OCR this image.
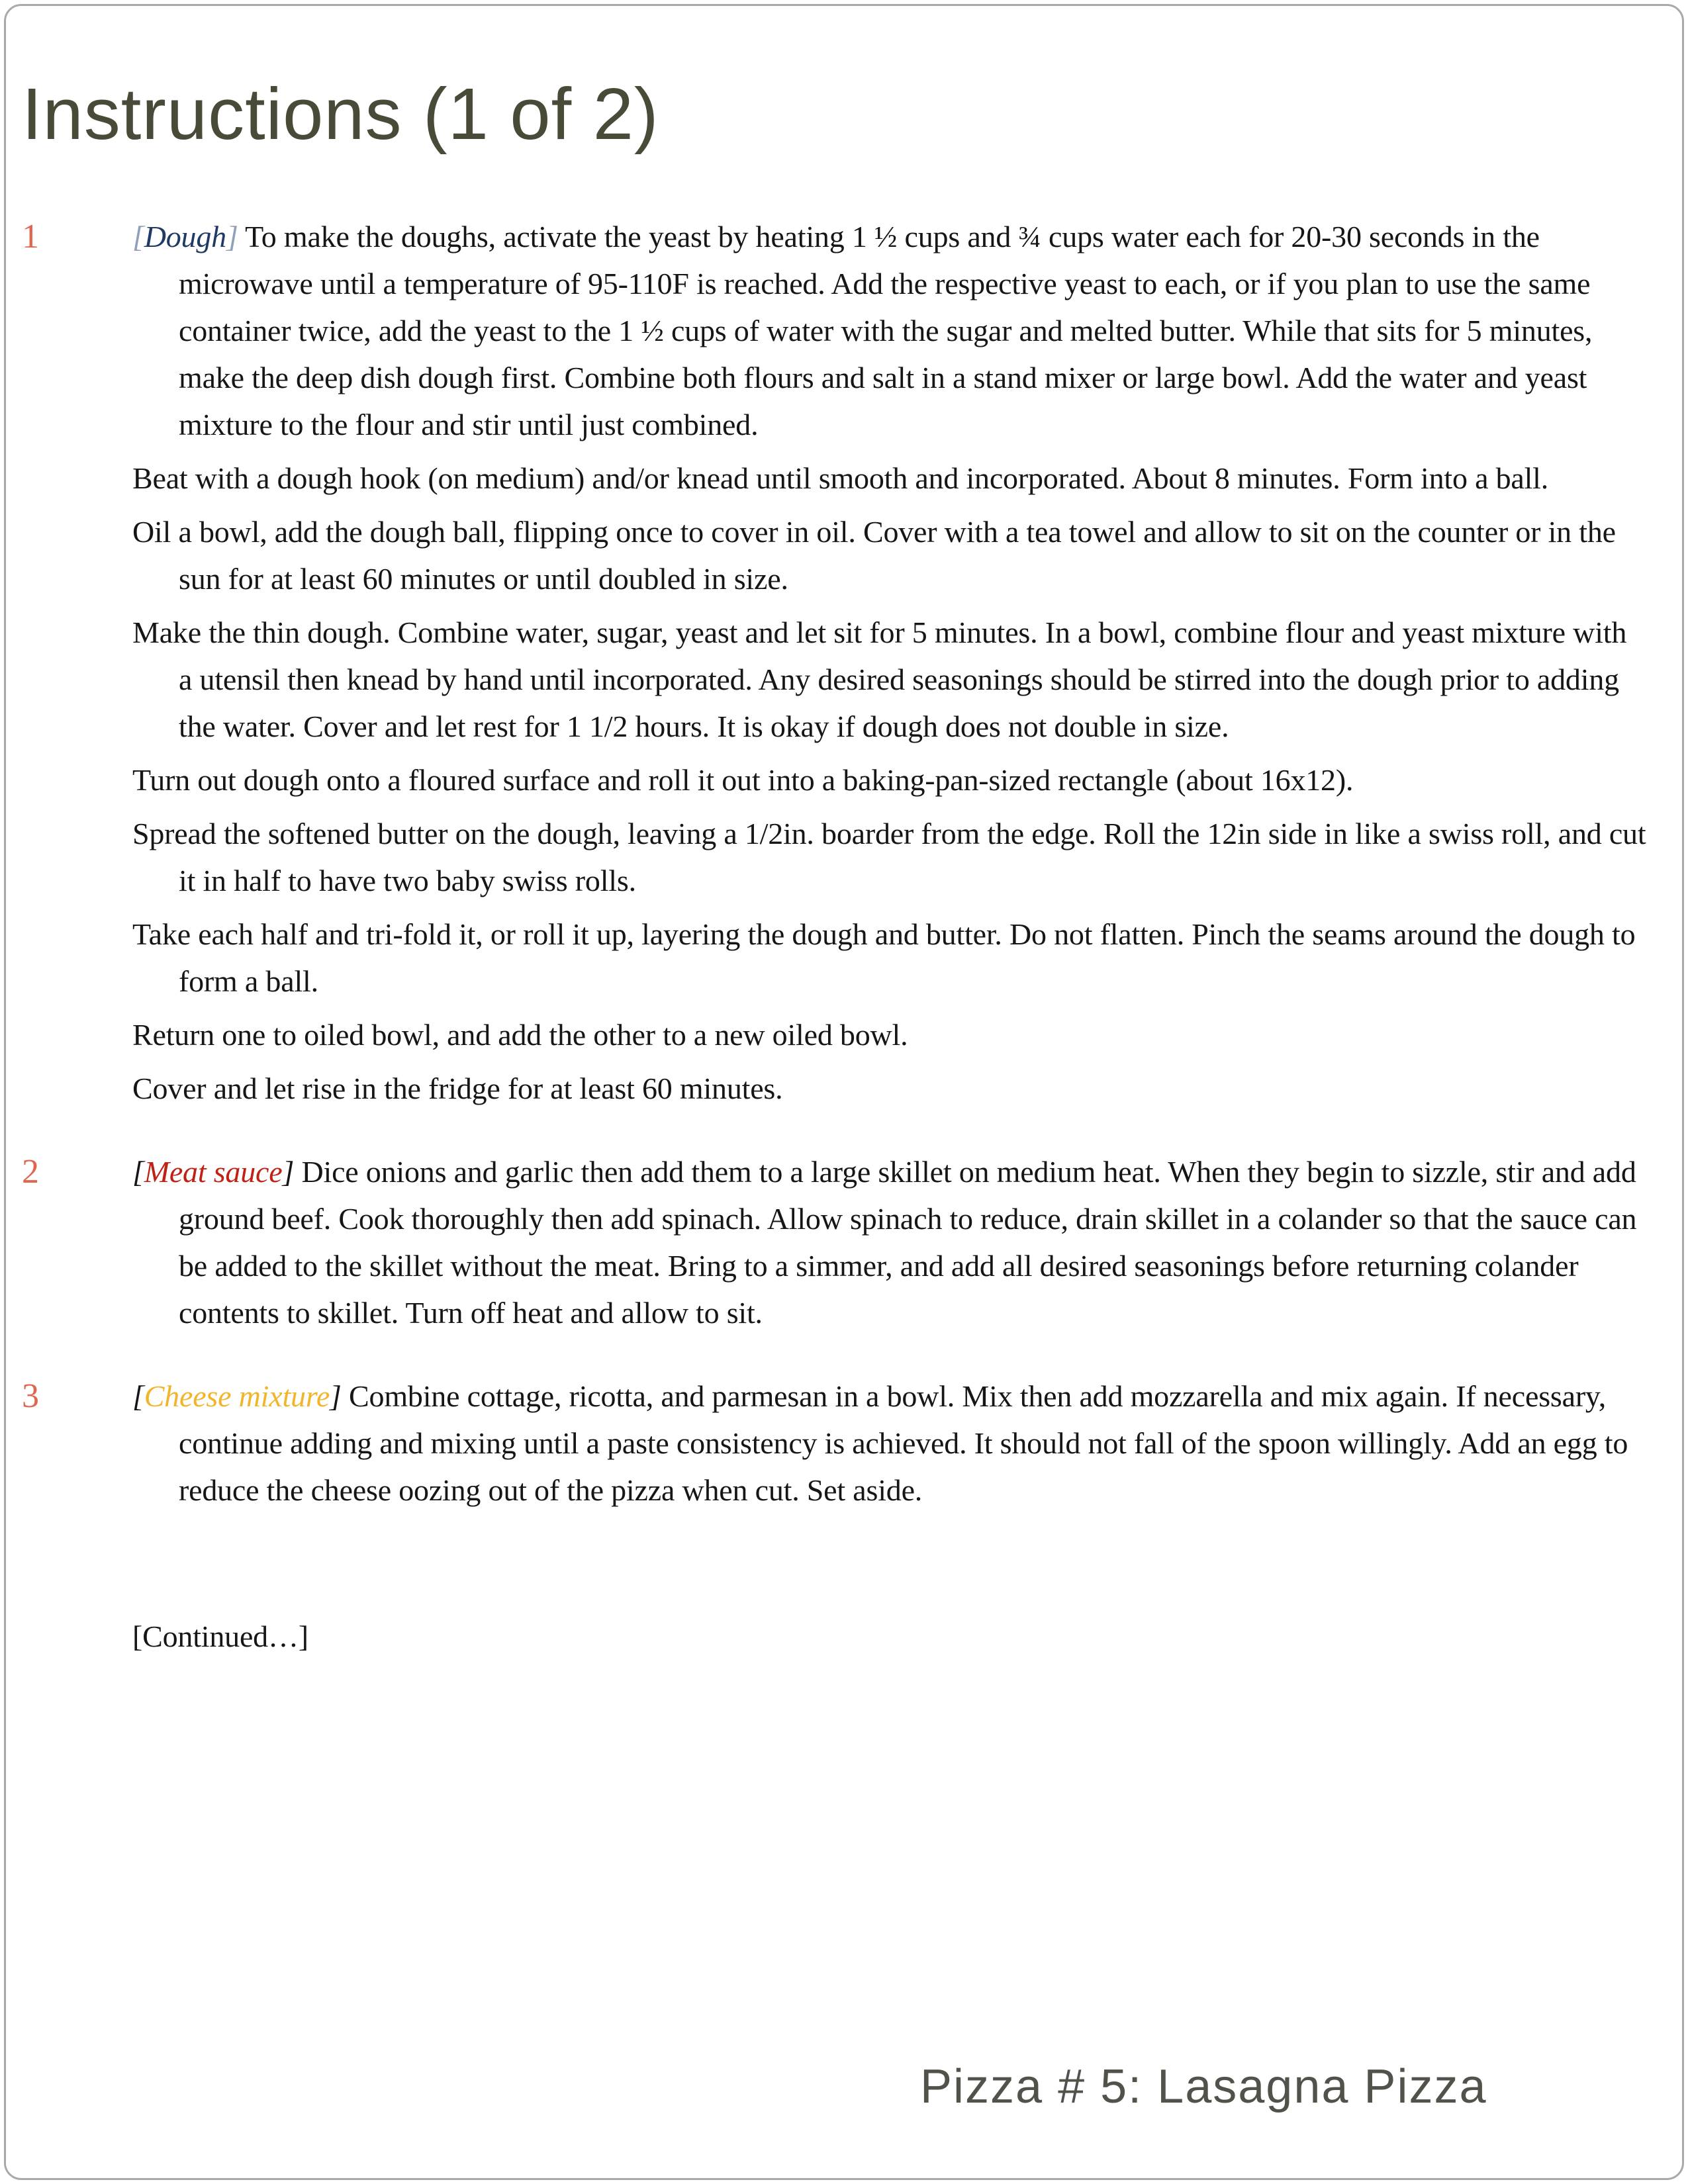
Instructions (1 of 2)
1	[Dough] To make the doughs, activate the yeast by heating 1 ½ cups and ¾ cups water each for 20-30 seconds in the microwave until a temperature of 95-110F is reached. Add the respective yeast to each, or if you plan to use the same container twice, add the yeast to the 1 ½ cups of water with the sugar and melted butter. While that sits for 5 minutes, make the deep dish dough first. Combine both flours and salt in a stand mixer or large bowl. Add the water and yeast mixture to the flour and stir until just combined.
Beat with a dough hook (on medium) and/or knead until smooth and incorporated. About 8 minutes. Form into a ball.
Oil a bowl, add the dough ball, flipping once to cover in oil. Cover with a tea towel and allow to sit on the counter or in the sun for at least 60 minutes or until doubled in size.
Make the thin dough. Combine water, sugar, yeast and let sit for 5 minutes. In a bowl, combine flour and yeast mixture with a utensil then knead by hand until incorporated. Any desired seasonings should be stirred into the dough prior to adding the water. Cover and let rest for 1 1/2 hours. It is okay if dough does not double in size.
Turn out dough onto a floured surface and roll it out into a baking-pan-sized rectangle (about 16x12).
Spread the softened butter on the dough, leaving a 1/2in. boarder from the edge. Roll the 12in side in like a swiss roll, and cut it in half to have two baby swiss rolls.
Take each half and tri-fold it, or roll it up, layering the dough and butter. Do not flatten. Pinch the seams around the dough to form a ball.
Return one to oiled bowl, and add the other to a new oiled bowl.
Cover and let rise in the fridge for at least 60 minutes.
2	[Meat sauce] Dice onions and garlic then add them to a large skillet on medium heat. When they begin to sizzle, stir and add ground beef. Cook thoroughly then add spinach. Allow spinach to reduce, drain skillet in a colander so that the sauce can be added to the skillet without the meat. Bring to a simmer, and add all desired seasonings before returning colander contents to skillet. Turn off heat and allow to sit.
3	[Cheese mixture] Combine cottage, ricotta, and parmesan in a bowl. Mix then add mozzarella and mix again. If necessary, continue adding and mixing until a paste consistency is achieved. It should not fall of the spoon willingly. Add an egg to reduce the cheese oozing out of the pizza when cut. Set aside.
[Continued…]
Pizza # 5: Lasagna Pizza
